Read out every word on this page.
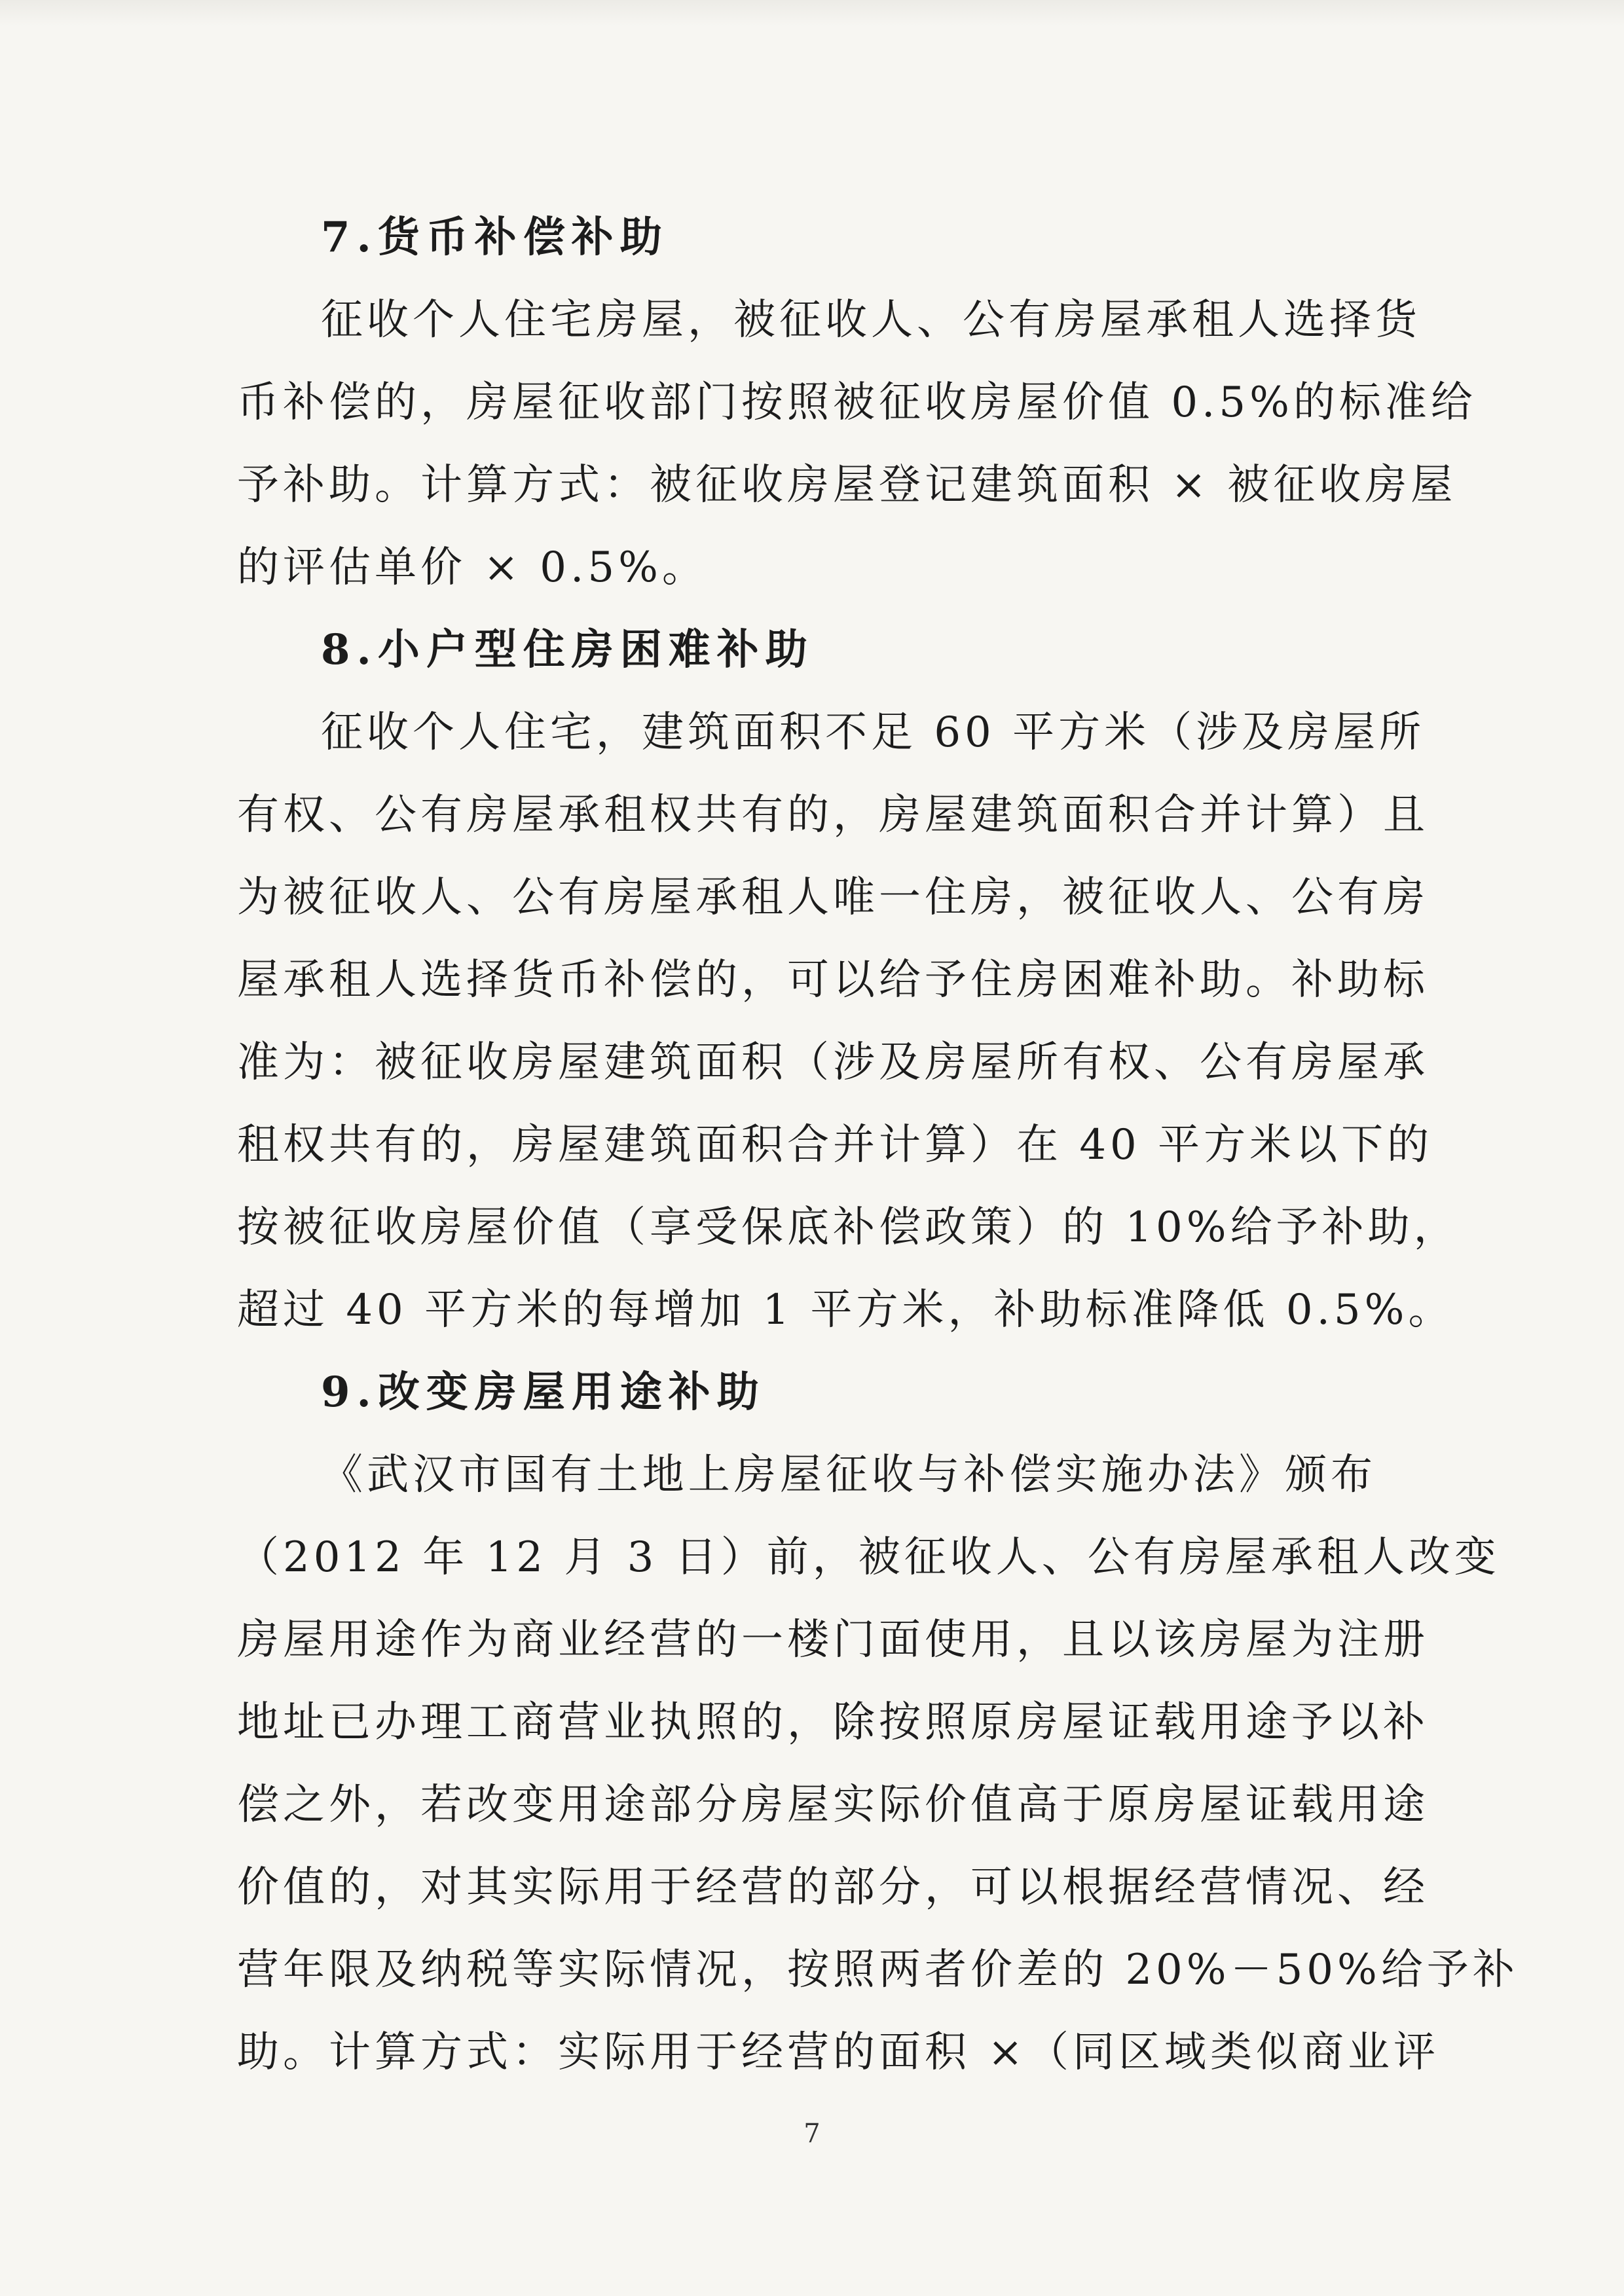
7.货币补偿补助
征收个人住宅房屋，被征收人、公有房屋承租人选择货
币补偿的，房屋征收部门按照被征收房屋价值 0.5%的标准给
予补助。计算方式：被征收房屋登记建筑面积 × 被征收房屋
的评估单价 × 0.5%。
8.小户型住房困难补助
征收个人住宅，建筑面积不足 60 平方米（涉及房屋所
有权、公有房屋承租权共有的，房屋建筑面积合并计算）且
为被征收人、公有房屋承租人唯一住房，被征收人、公有房
屋承租人选择货币补偿的，可以给予住房困难补助。补助标
准为：被征收房屋建筑面积（涉及房屋所有权、公有房屋承
租权共有的，房屋建筑面积合并计算）在 40 平方米以下的
按被征收房屋价值（享受保底补偿政策）的 10%给予补助，
超过 40 平方米的每增加 1 平方米，补助标准降低 0.5%。
9.改变房屋用途补助
《武汉市国有土地上房屋征收与补偿实施办法》颁布
（2012 年 12 月 3 日）前，被征收人、公有房屋承租人改变
房屋用途作为商业经营的一楼门面使用，且以该房屋为注册
地址已办理工商营业执照的，除按照原房屋证载用途予以补
偿之外，若改变用途部分房屋实际价值高于原房屋证载用途
价值的，对其实际用于经营的部分，可以根据经营情况、经
营年限及纳税等实际情况，按照两者价差的 20%－50%给予补
助。计算方式：实际用于经营的面积 ×（同区域类似商业评
7
